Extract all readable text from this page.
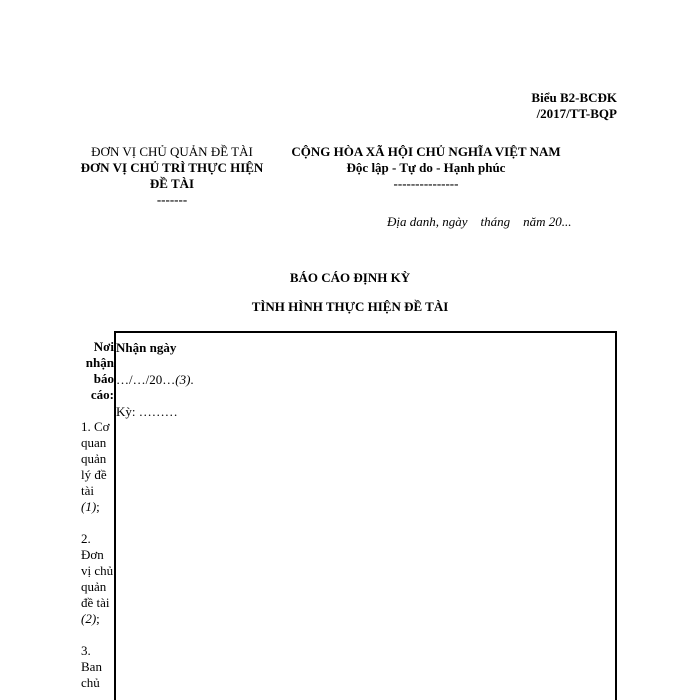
Biểu B2-BCĐK
/2017/TT-BQP
ĐƠN VỊ CHỦ QUẢN ĐỀ TÀI
ĐƠN VỊ CHỦ TRÌ THỰC HIỆN ĐỀ TÀI
-------
CỘNG HÒA XÃ HỘI CHỦ NGHĨA VIỆT NAM
Độc lập - Tự do - Hạnh phúc
---------------
Địa danh, ngày    tháng    năm 20...
BÁO CÁO ĐỊNH KỲ
TÌNH HÌNH THỰC HIỆN ĐỀ TÀI
Nơi nhận báo cáo:
1. Cơ quan quản lý đề tài (1);
2. Đơn vị chủ quản đề tài (2);
3. Ban chủ
Nhận ngày
…/…/20…(3).
Kỳ: ………
